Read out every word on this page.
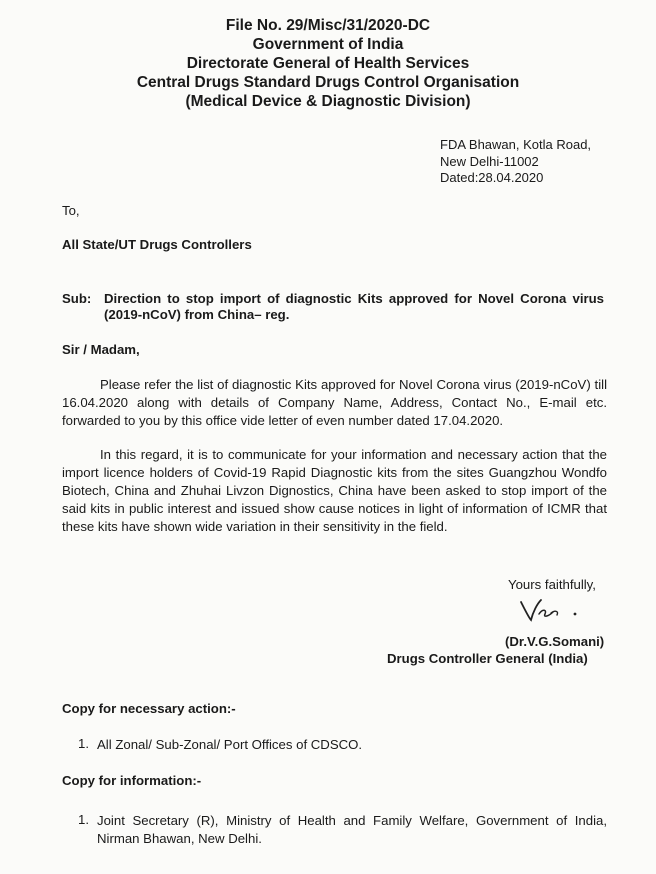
File No. 29/Misc/31/2020-DC
Government of India
Directorate General of Health Services
Central Drugs Standard Drugs Control Organisation
(Medical Device & Diagnostic Division)
FDA Bhawan, Kotla Road,
New Delhi-11002
Dated:28.04.2020
To,
All State/UT Drugs Controllers
Sub: Direction to stop import of diagnostic Kits approved for Novel Corona virus (2019-nCoV) from China– reg.
Sir / Madam,
Please refer the list of diagnostic Kits approved for Novel Corona virus (2019-nCoV) till 16.04.2020 along with details of Company Name, Address, Contact No., E-mail etc. forwarded to you by this office vide letter of even number dated 17.04.2020.
In this regard, it is to communicate for your information and necessary action that the import licence holders of Covid-19 Rapid Diagnostic kits from the sites Guangzhou Wondfo Biotech, China and Zhuhai Livzon Dignostics, China have been asked to stop import of the said kits in public interest and issued show cause notices in light of information of ICMR that these kits have shown wide variation in their sensitivity in the field.
Yours faithfully,
(Dr.V.G.Somani)
Drugs Controller General (India)
Copy for necessary action:-
1. All Zonal/ Sub-Zonal/ Port Offices of CDSCO.
Copy for information:-
1. Joint Secretary (R), Ministry of Health and Family Welfare, Government of India, Nirman Bhawan, New Delhi.
